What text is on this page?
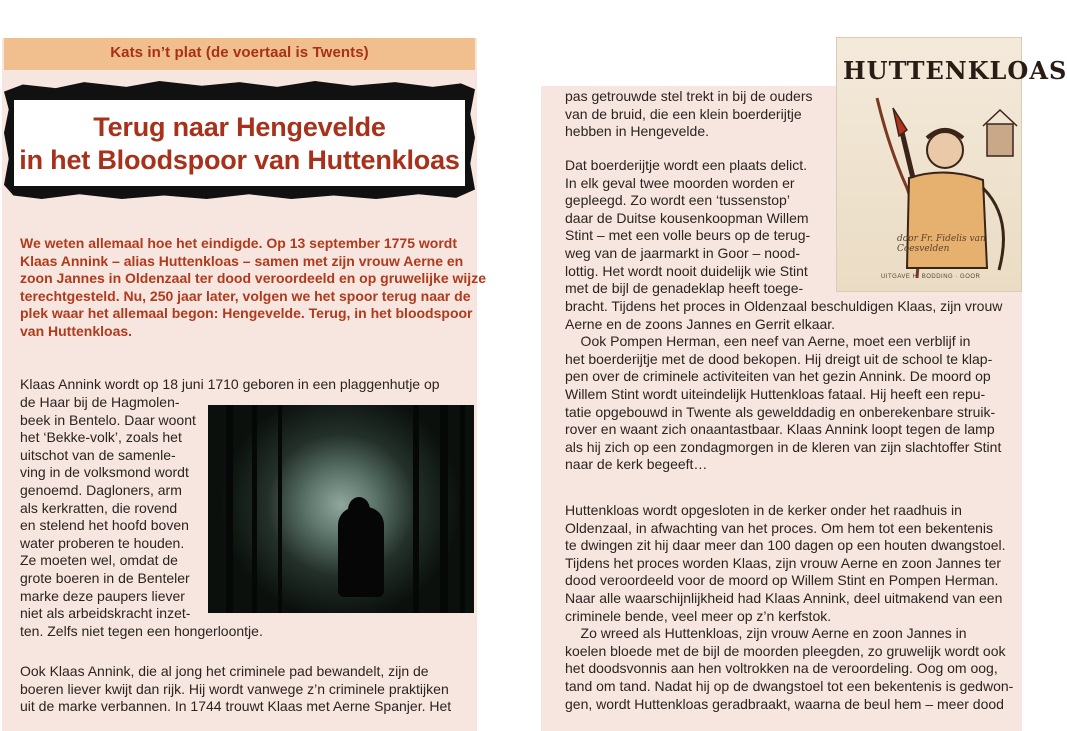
Kats in’t plat (de voertaal is Twents)
Terug naar Hengevelde
in het Bloodspoor van Huttenkloas
We weten allemaal hoe het eindigde. Op 13 september 1775 wordt
Klaas Annink – alias Huttenkloas – samen met zijn vrouw Aerne en
zoon Jannes in Oldenzaal ter dood veroordeeld en op gruwelijke wijze
terechtgesteld. Nu, 250 jaar later, volgen we het spoor terug naar de
plek waar het allemaal begon: Hengevelde. Terug, in het bloodspoor
van Huttenkloas.
Klaas Annink wordt op 18 juni 1710 geboren in een plaggenhutje op
de Haar bij de Hagmolen-
beek in Bentelo. Daar woont
het ‘Bekke-volk’, zoals het
uitschot van de samenle-
ving in de volksmond wordt
genoemd. Dagloners, arm
als kerkratten, die rovend
en stelend het hoofd boven
water proberen te houden.
Ze moeten wel, omdat de
grote boeren in de Benteler
marke deze paupers liever
niet als arbeidskracht inzet-
ten. Zelfs niet tegen een hongerloontje.
Ook Klaas Annink, die al jong het criminele pad bewandelt, zijn de
boeren liever kwijt dan rijk. Hij wordt vanwege z’n criminele praktijken
uit de marke verbannen. In 1744 trouwt Klaas met Aerne Spanjer. Het
pas getrouwde stel trekt in bij de ouders
van de bruid, die een klein boerderijtje
hebben in Hengevelde.
Dat boerderijtje wordt een plaats delict.
In elk geval twee moorden worden er
gepleegd. Zo wordt een ‘tussenstop’
daar de Duitse kousenkoopman Willem
Stint – met een volle beurs op de terug-
weg van de jaarmarkt in Goor – nood-
lottig. Het wordt nooit duidelijk wie Stint
met de bijl de genadeklap heeft toege-
bracht. Tijdens het proces in Oldenzaal beschuldigen Klaas, zijn vrouw
Aerne en de zoons Jannes en Gerrit elkaar.
Ook Pompen Herman, een neef van Aerne, moet een verblijf in
het boerderijtje met de dood bekopen. Hij dreigt uit de school te klap-
pen over de criminele activiteiten van het gezin Annink. De moord op
Willem Stint wordt uiteindelijk Huttenkloas fataal. Hij heeft een repu-
tatie opgebouwd in Twente als gewelddadig en onberekenbare struik-
rover en waant zich onaantastbaar. Klaas Annink loopt tegen de lamp
als hij zich op een zondagmorgen in de kleren van zijn slachtoffer Stint
naar de kerk begeeft…
Huttenkloas wordt opgesloten in de kerker onder het raadhuis in
Oldenzaal, in afwachting van het proces. Om hem tot een bekentenis
te dwingen zit hij daar meer dan 100 dagen op een houten dwangstoel.
Tijdens het proces worden Klaas, zijn vrouw Aerne en zoon Jannes ter
dood veroordeeld voor de moord op Willem Stint en Pompen Herman.
Naar alle waarschijnlijkheid had Klaas Annink, deel uitmakend van een
criminele bende, veel meer op z’n kerfstok.
Zo wreed als Huttenkloas, zijn vrouw Aerne en zoon Jannes in
koelen bloede met de bijl de moorden pleegden, zo gruwelijk wordt ook
het doodsvonnis aan hen voltrokken na de veroordeling. Oog om oog,
tand om tand. Nadat hij op de dwangstoel tot een bekentenis is gedwon-
gen, wordt Huttenkloas geradbraakt, waarna de beul hem – meer dood
HUTTENKLOAS
door Fr. Fidelis van Coesvelden
UITGAVE H. BODDING · GOOR
